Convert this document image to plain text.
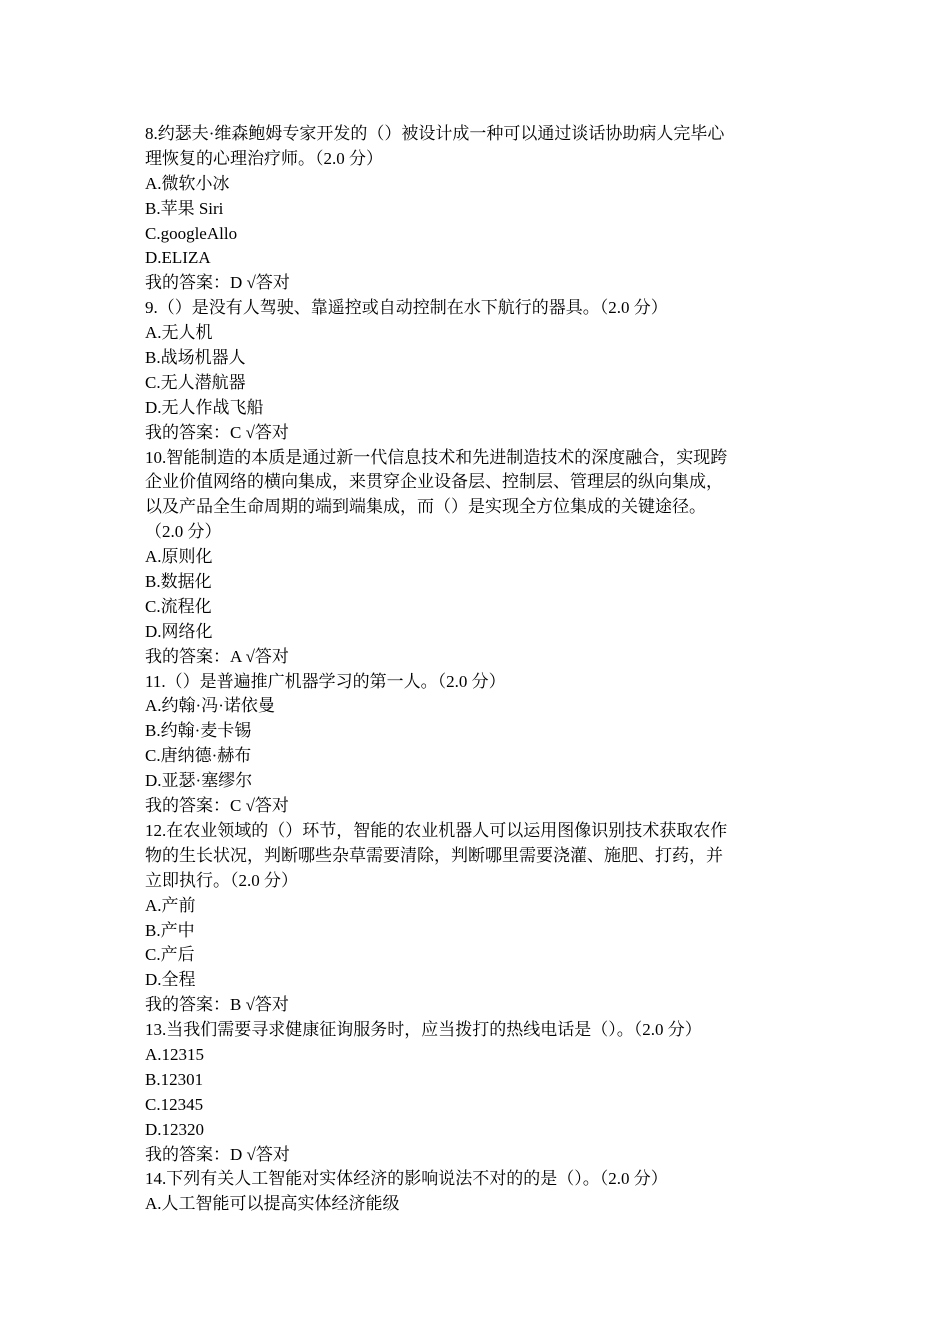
8.约瑟夫·维森鲍姆专家开发的（）被设计成一种可以通过谈话协助病人完毕心
理恢复的心理治疗师。（2.0 分）
A.微软小冰
B.苹果 Siri
C.googleAllo
D.ELIZA
我的答案：D √答对
9.（）是没有人驾驶、靠遥控或自动控制在水下航行的器具。（2.0 分）
A.无人机
B.战场机器人
C.无人潜航器
D.无人作战飞船
我的答案：C √答对
10.智能制造的本质是通过新一代信息技术和先进制造技术的深度融合，实现跨
企业价值网络的横向集成，来贯穿企业设备层、控制层、管理层的纵向集成，
以及产品全生命周期的端到端集成，而（）是实现全方位集成的关键途径。
（2.0 分）
A.原则化
B.数据化
C.流程化
D.网络化
我的答案：A √答对
11.（）是普遍推广机器学习的第一人。（2.0 分）
A.约翰·冯·诺依曼
B.约翰·麦卡锡
C.唐纳德·赫布
D.亚瑟·塞缪尔
我的答案：C √答对
12.在农业领域的（）环节，智能的农业机器人可以运用图像识别技术获取农作
物的生长状况，判断哪些杂草需要清除，判断哪里需要浇灌、施肥、打药，并
立即执行。（2.0 分）
A.产前
B.产中
C.产后
D.全程
我的答案：B √答对
13.当我们需要寻求健康征询服务时，应当拨打的热线电话是（）。（2.0 分）
A.12315
B.12301
C.12345
D.12320
我的答案：D √答对
14.下列有关人工智能对实体经济的影响说法不对的的是（）。（2.0 分）
A.人工智能可以提高实体经济能级
